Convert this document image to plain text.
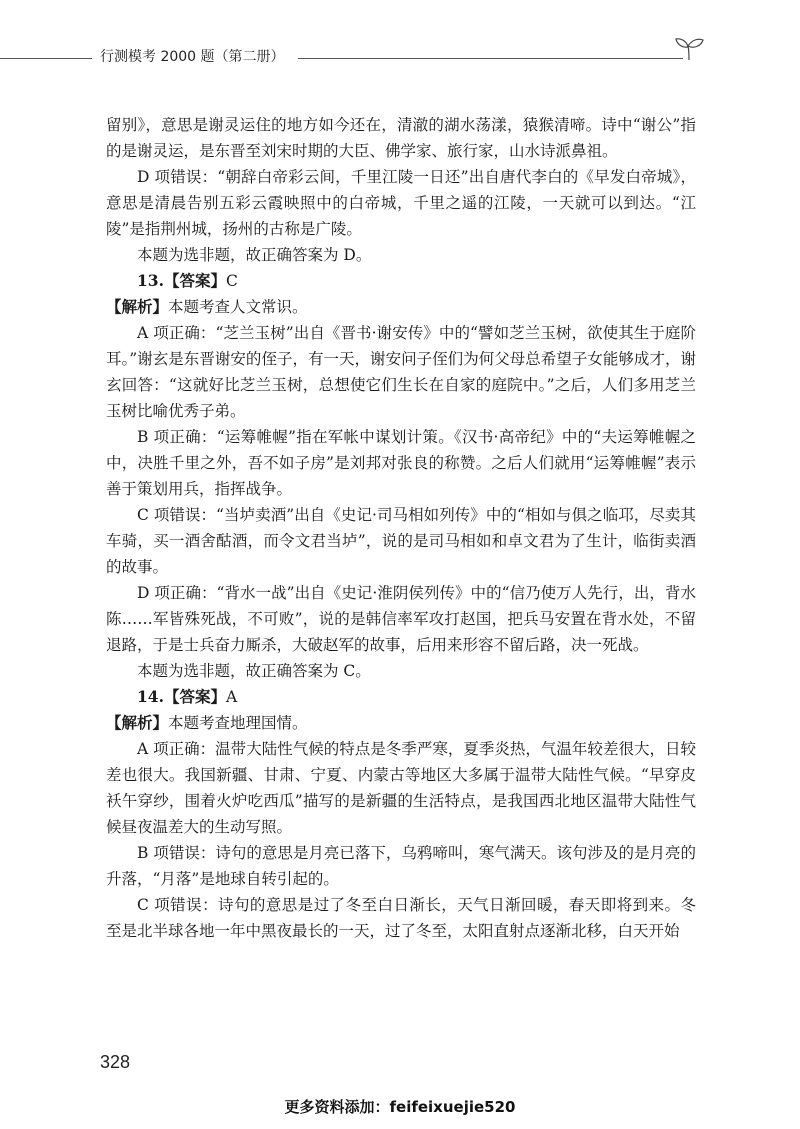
行测模考 2000 题（第二册）

留别》，意思是谢灵运住的地方如今还在，清澈的湖水荡漾，猿猴清啼。诗中“谢公”指的是谢灵运，是东晋至刘宋时期的大臣、佛学家、旅行家，山水诗派鼻祖。

D 项错误：“朝辞白帝彩云间，千里江陵一日还”出自唐代李白的《早发白帝城》，意思是清晨告别五彩云霞映照中的白帝城，千里之遥的江陵，一天就可以到达。“江陵”是指荆州城，扬州的古称是广陵。

本题为选非题，故正确答案为 D。

13.【答案】C

【解析】本题考查人文常识。

A 项正确：“芝兰玉树”出自《晋书·谢安传》中的“譬如芝兰玉树，欲使其生于庭阶耳。”谢玄是东晋谢安的侄子，有一天，谢安问子侄们为何父母总希望子女能够成才，谢玄回答：“这就好比芝兰玉树，总想使它们生长在自家的庭院中。”之后，人们多用芝兰玉树比喻优秀子弟。

B 项正确：“运筹帷幄”指在军帐中谋划计策。《汉书·高帝纪》中的“夫运筹帷幄之中，决胜千里之外，吾不如子房”是刘邦对张良的称赞。之后人们就用“运筹帷幄”表示善于策划用兵，指挥战争。

C 项错误：“当垆卖酒”出自《史记·司马相如列传》中的“相如与俱之临邛，尽卖其车骑，买一酒舍酤酒，而令文君当垆”，说的是司马相如和卓文君为了生计，临街卖酒的故事。

D 项正确：“背水一战”出自《史记·淮阴侯列传》中的“信乃使万人先行，出，背水陈……军皆殊死战，不可败”，说的是韩信率军攻打赵国，把兵马安置在背水处，不留退路，于是士兵奋力厮杀，大破赵军的故事，后用来形容不留后路，决一死战。

本题为选非题，故正确答案为 C。

14.【答案】A

【解析】本题考查地理国情。

A 项正确：温带大陆性气候的特点是冬季严寒，夏季炎热，气温年较差很大，日较差也很大。我国新疆、甘肃、宁夏、内蒙古等地区大多属于温带大陆性气候。“早穿皮袄午穿纱，围着火炉吃西瓜”描写的是新疆的生活特点，是我国西北地区温带大陆性气候昼夜温差大的生动写照。

B 项错误：诗句的意思是月亮已落下，乌鸦啼叫，寒气满天。该句涉及的是月亮的升落，“月落”是地球自转引起的。

C 项错误：诗句的意思是过了冬至白日渐长，天气日渐回暖，春天即将到来。冬至是北半球各地一年中黑夜最长的一天，过了冬至，太阳直射点逐渐北移，白天开始

328
更多资料添加：feifeixuejie520
